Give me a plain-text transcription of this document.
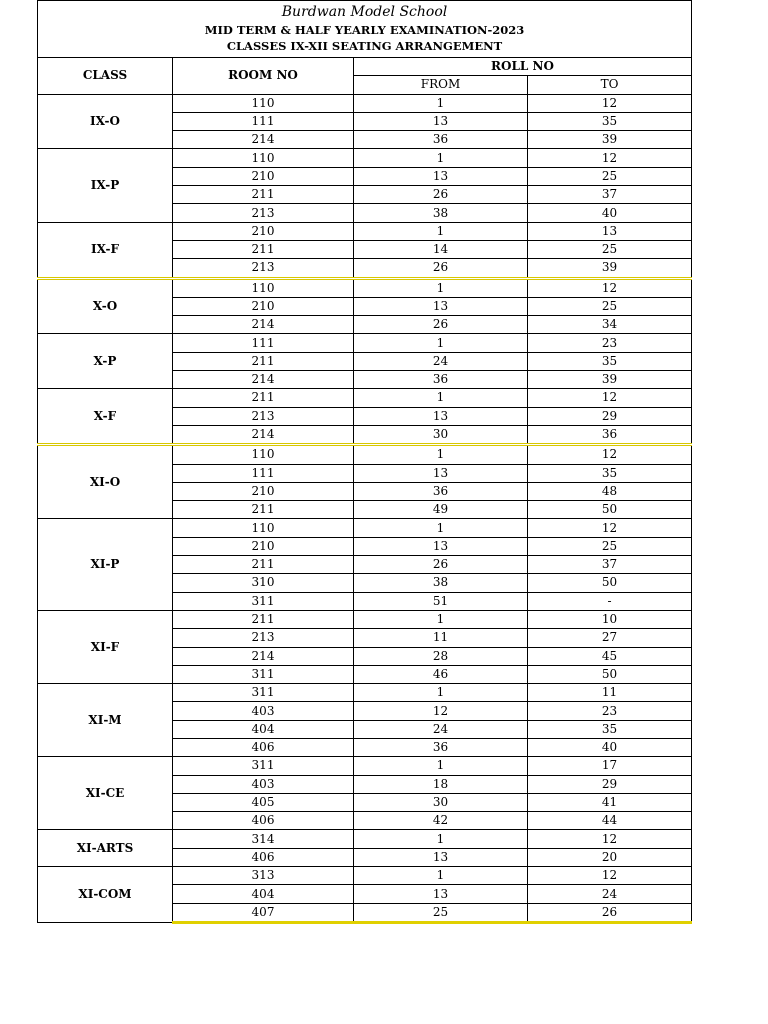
Burdwan Model School
MID TERM & HALF YEARLY EXAMINATION-2023
CLASSES IX-XII SEATING ARRANGEMENT			

CLASS	ROOM NO	ROLL NO	
		FROM	TO
IX-O	110	1	12
	111	13	35
	214	36	39
IX-P	110	1	12
	210	13	25
	211	26	37
	213	38	40
IX-F	210	1	13
	211	14	25
	213	26	39
X-O	110	1	12
	210	13	25
	214	26	34
X-P	111	1	23
	211	24	35
	214	36	39
X-F	211	1	12
	213	13	29
	214	30	36
XI-O	110	1	12
	111	13	35
	210	36	48
	211	49	50
XI-P	110	1	12
	210	13	25
	211	26	37
	310	38	50
	311	51	-
XI-F	211	1	10
	213	11	27
	214	28	45
	311	46	50
XI-M	311	1	11
	403	12	23
	404	24	35
	406	36	40
XI-CE	311	1	17
	403	18	29
	405	30	41
	406	42	44
XI-ARTS	314	1	12
	406	13	20
XI-COM	313	1	12
	404	13	24
	407	25	26
